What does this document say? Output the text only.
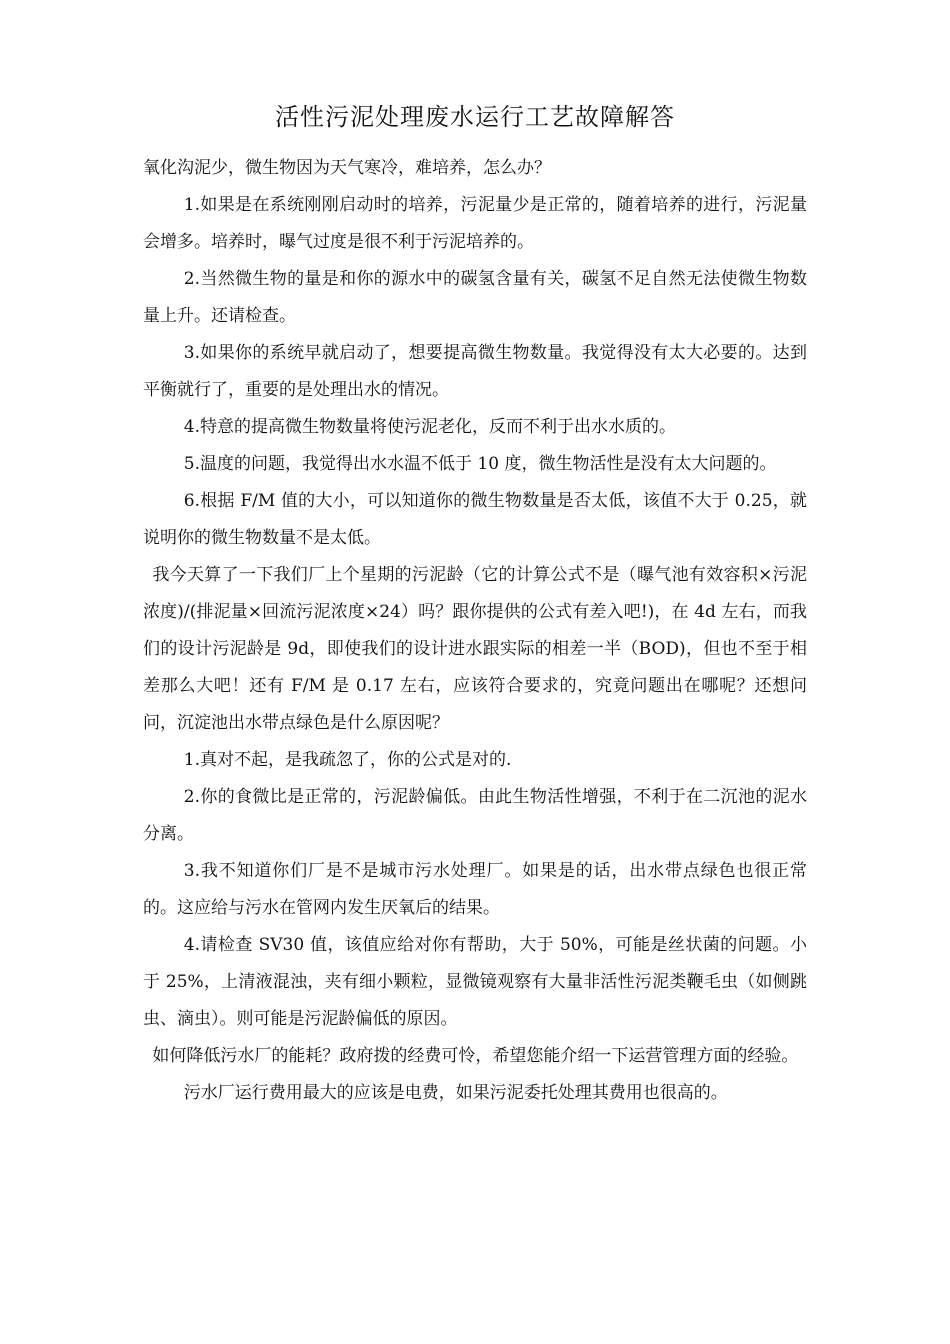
活性污泥处理废水运行工艺故障解答

氧化沟泥少，微生物因为天气寒冷，难培养，怎么办？

1.如果是在系统刚刚启动时的培养，污泥量少是正常的，随着培养的进行，污泥量会增多。培养时，曝气过度是很不利于污泥培养的。

2.当然微生物的量是和你的源水中的碳氢含量有关，碳氢不足自然无法使微生物数量上升。还请检查。

3.如果你的系统早就启动了，想要提高微生物数量。我觉得没有太大必要的。达到平衡就行了，重要的是处理出水的情况。

4.特意的提高微生物数量将使污泥老化，反而不利于出水水质的。

5.温度的问题，我觉得出水水温不低于 10 度，微生物活性是没有太大问题的。

6.根据 F/M 值的大小，可以知道你的微生物数量是否太低，该值不大于 0.25，就说明你的微生物数量不是太低。

我今天算了一下我们厂上个星期的污泥龄（它的计算公式不是（曝气池有效容积×污泥浓度)/(排泥量×回流污泥浓度×24）吗？跟你提供的公式有差入吧!)，在 4d 左右，而我们的设计污泥龄是 9d，即使我们的设计进水跟实际的相差一半（BOD)，但也不至于相差那么大吧！还有 F/M 是 0.17 左右，应该符合要求的，究竟问题出在哪呢？还想问问，沉淀池出水带点绿色是什么原因呢？

1.真对不起，是我疏忽了，你的公式是对的.

2.你的食微比是正常的，污泥龄偏低。由此生物活性增强，不利于在二沉池的泥水分离。

3.我不知道你们厂是不是城市污水处理厂。如果是的话，出水带点绿色也很正常的。这应给与污水在管网内发生厌氧后的结果。

4.请检查 SV30 值，该值应给对你有帮助，大于 50%，可能是丝状菌的问题。小于 25%，上清液混浊，夹有细小颗粒，显微镜观察有大量非活性污泥类鞭毛虫（如侧跳虫、滴虫）。则可能是污泥龄偏低的原因。

如何降低污水厂的能耗？政府拨的经费可怜，希望您能介绍一下运营管理方面的经验。

污水厂运行费用最大的应该是电费，如果污泥委托处理其费用也很高的。
